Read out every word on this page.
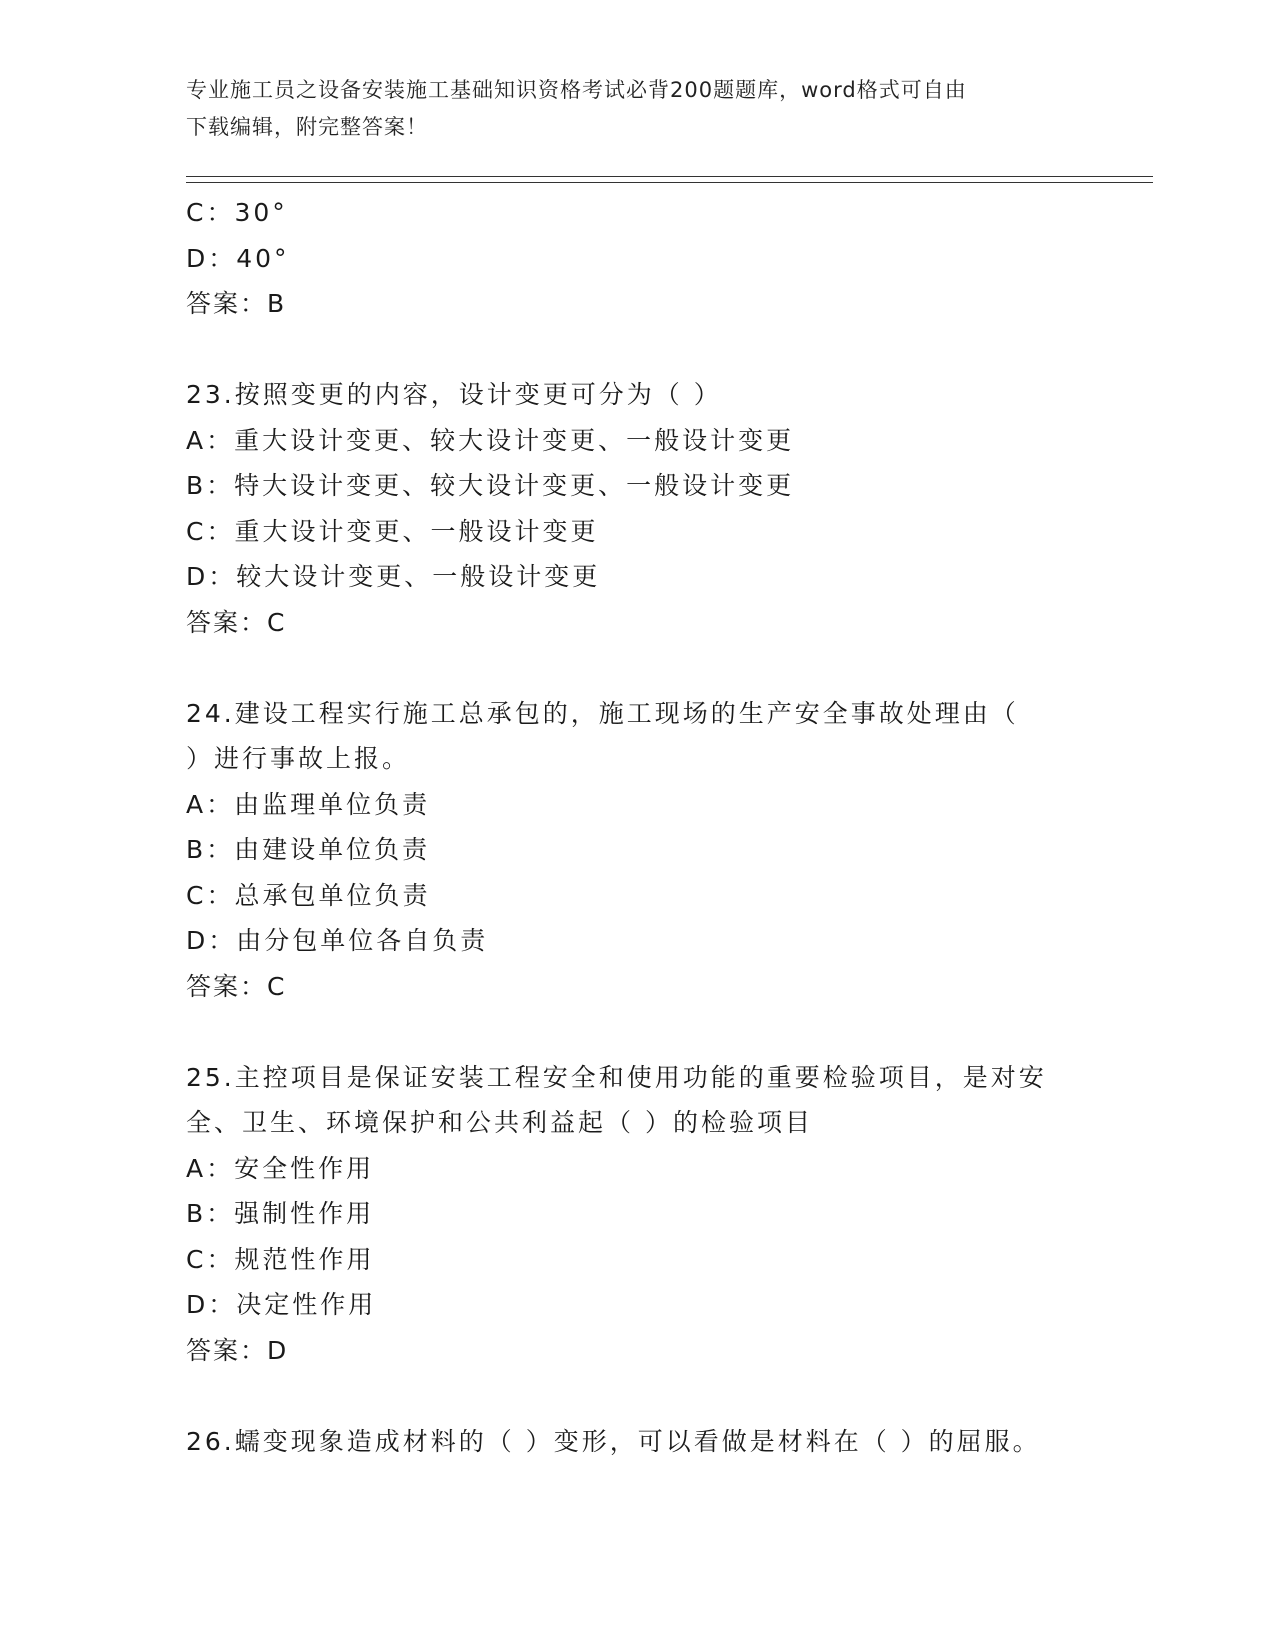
专业施工员之设备安装施工基础知识资格考试必背200题题库，word格式可自由
下载编辑，附完整答案！
C：30°
D：40°
答案：B
23.按照变更的内容，设计变更可分为（ ）
A：重大设计变更、较大设计变更、一般设计变更
B：特大设计变更、较大设计变更、一般设计变更
C：重大设计变更、一般设计变更
D：较大设计变更、一般设计变更
答案：C
24.建设工程实行施工总承包的，施工现场的生产安全事故处理由（
）进行事故上报。
A：由监理单位负责
B：由建设单位负责
C：总承包单位负责
D：由分包单位各自负责
答案：C
25.主控项目是保证安装工程安全和使用功能的重要检验项目，是对安
全、卫生、环境保护和公共利益起（ ）的检验项目
A：安全性作用
B：强制性作用
C：规范性作用
D：决定性作用
答案：D
26.蠕变现象造成材料的（ ）变形，可以看做是材料在（ ）的屈服。
